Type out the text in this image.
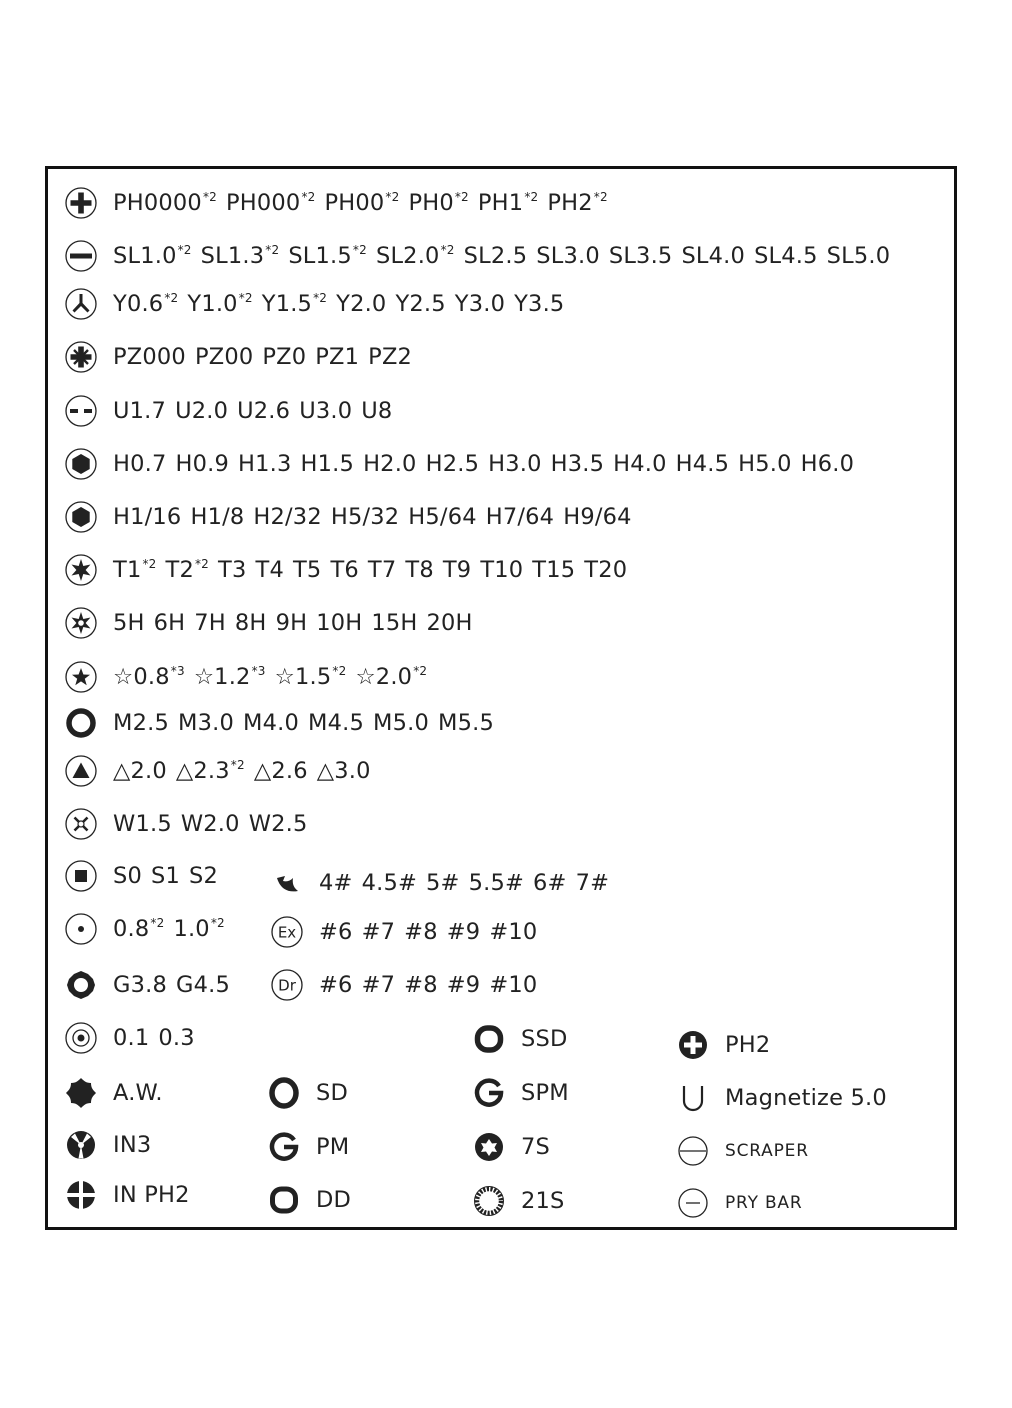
PH0000$^{*2}$ PH000$^{*2}$ PH00$^{*2}$ PH0$^{*2}$ PH1$^{*2}$ PH2$^{*2}$
SL1.0$^{*2}$ SL1.3$^{*2}$ SL1.5$^{*2}$ SL2.0$^{*2}$ SL2.5 SL3.0 SL3.5 SL4.0 SL4.5 SL5.0
Y0.6$^{*2}$ Y1.0$^{*2}$ Y1.5$^{*2}$ Y2.0 Y2.5 Y3.0 Y3.5
PZ000 PZ00 PZ0 PZ1 PZ2
U1.7 U2.0 U2.6 U3.0 U8
H0.7 H0.9 H1.3 H1.5 H2.0 H2.5 H3.0 H3.5 H4.0 H4.5 H5.0 H6.0
H1/16 H1/8 H2/32 H5/32 H5/64 H7/64 H9/64
T1$^{*2}$ T2$^{*2}$ T3 T4 T5 T6 T7 T8 T9 T10 T15 T20
5H 6H 7H 8H 9H 10H 15H 20H
☆0.8$^{*3}$ ☆1.2$^{*3}$ ☆1.5$^{*2}$ ☆2.0$^{*2}$
M2.5 M3.0 M4.0 M4.5 M5.0 M5.5
△2.0 △2.3$^{*2}$ △2.6 △3.0
W1.5 W2.0 W2.5
S0 S1 S2	4# 4.5# 5# 5.5# 6# 7#
0.8$^{*2}$ 1.0$^{*2}$
Ex #6 #7 #8 #9 #10
G3.8 G4.5	Dr #6 #7 #8 #9 #10
0.1 0.3
A.W.
IN3
IN PH2
SD
PM
DD
SSD
SPM
7S
21S
PH2
Magnetize 5.0
SCRAPER
PRY BAR
